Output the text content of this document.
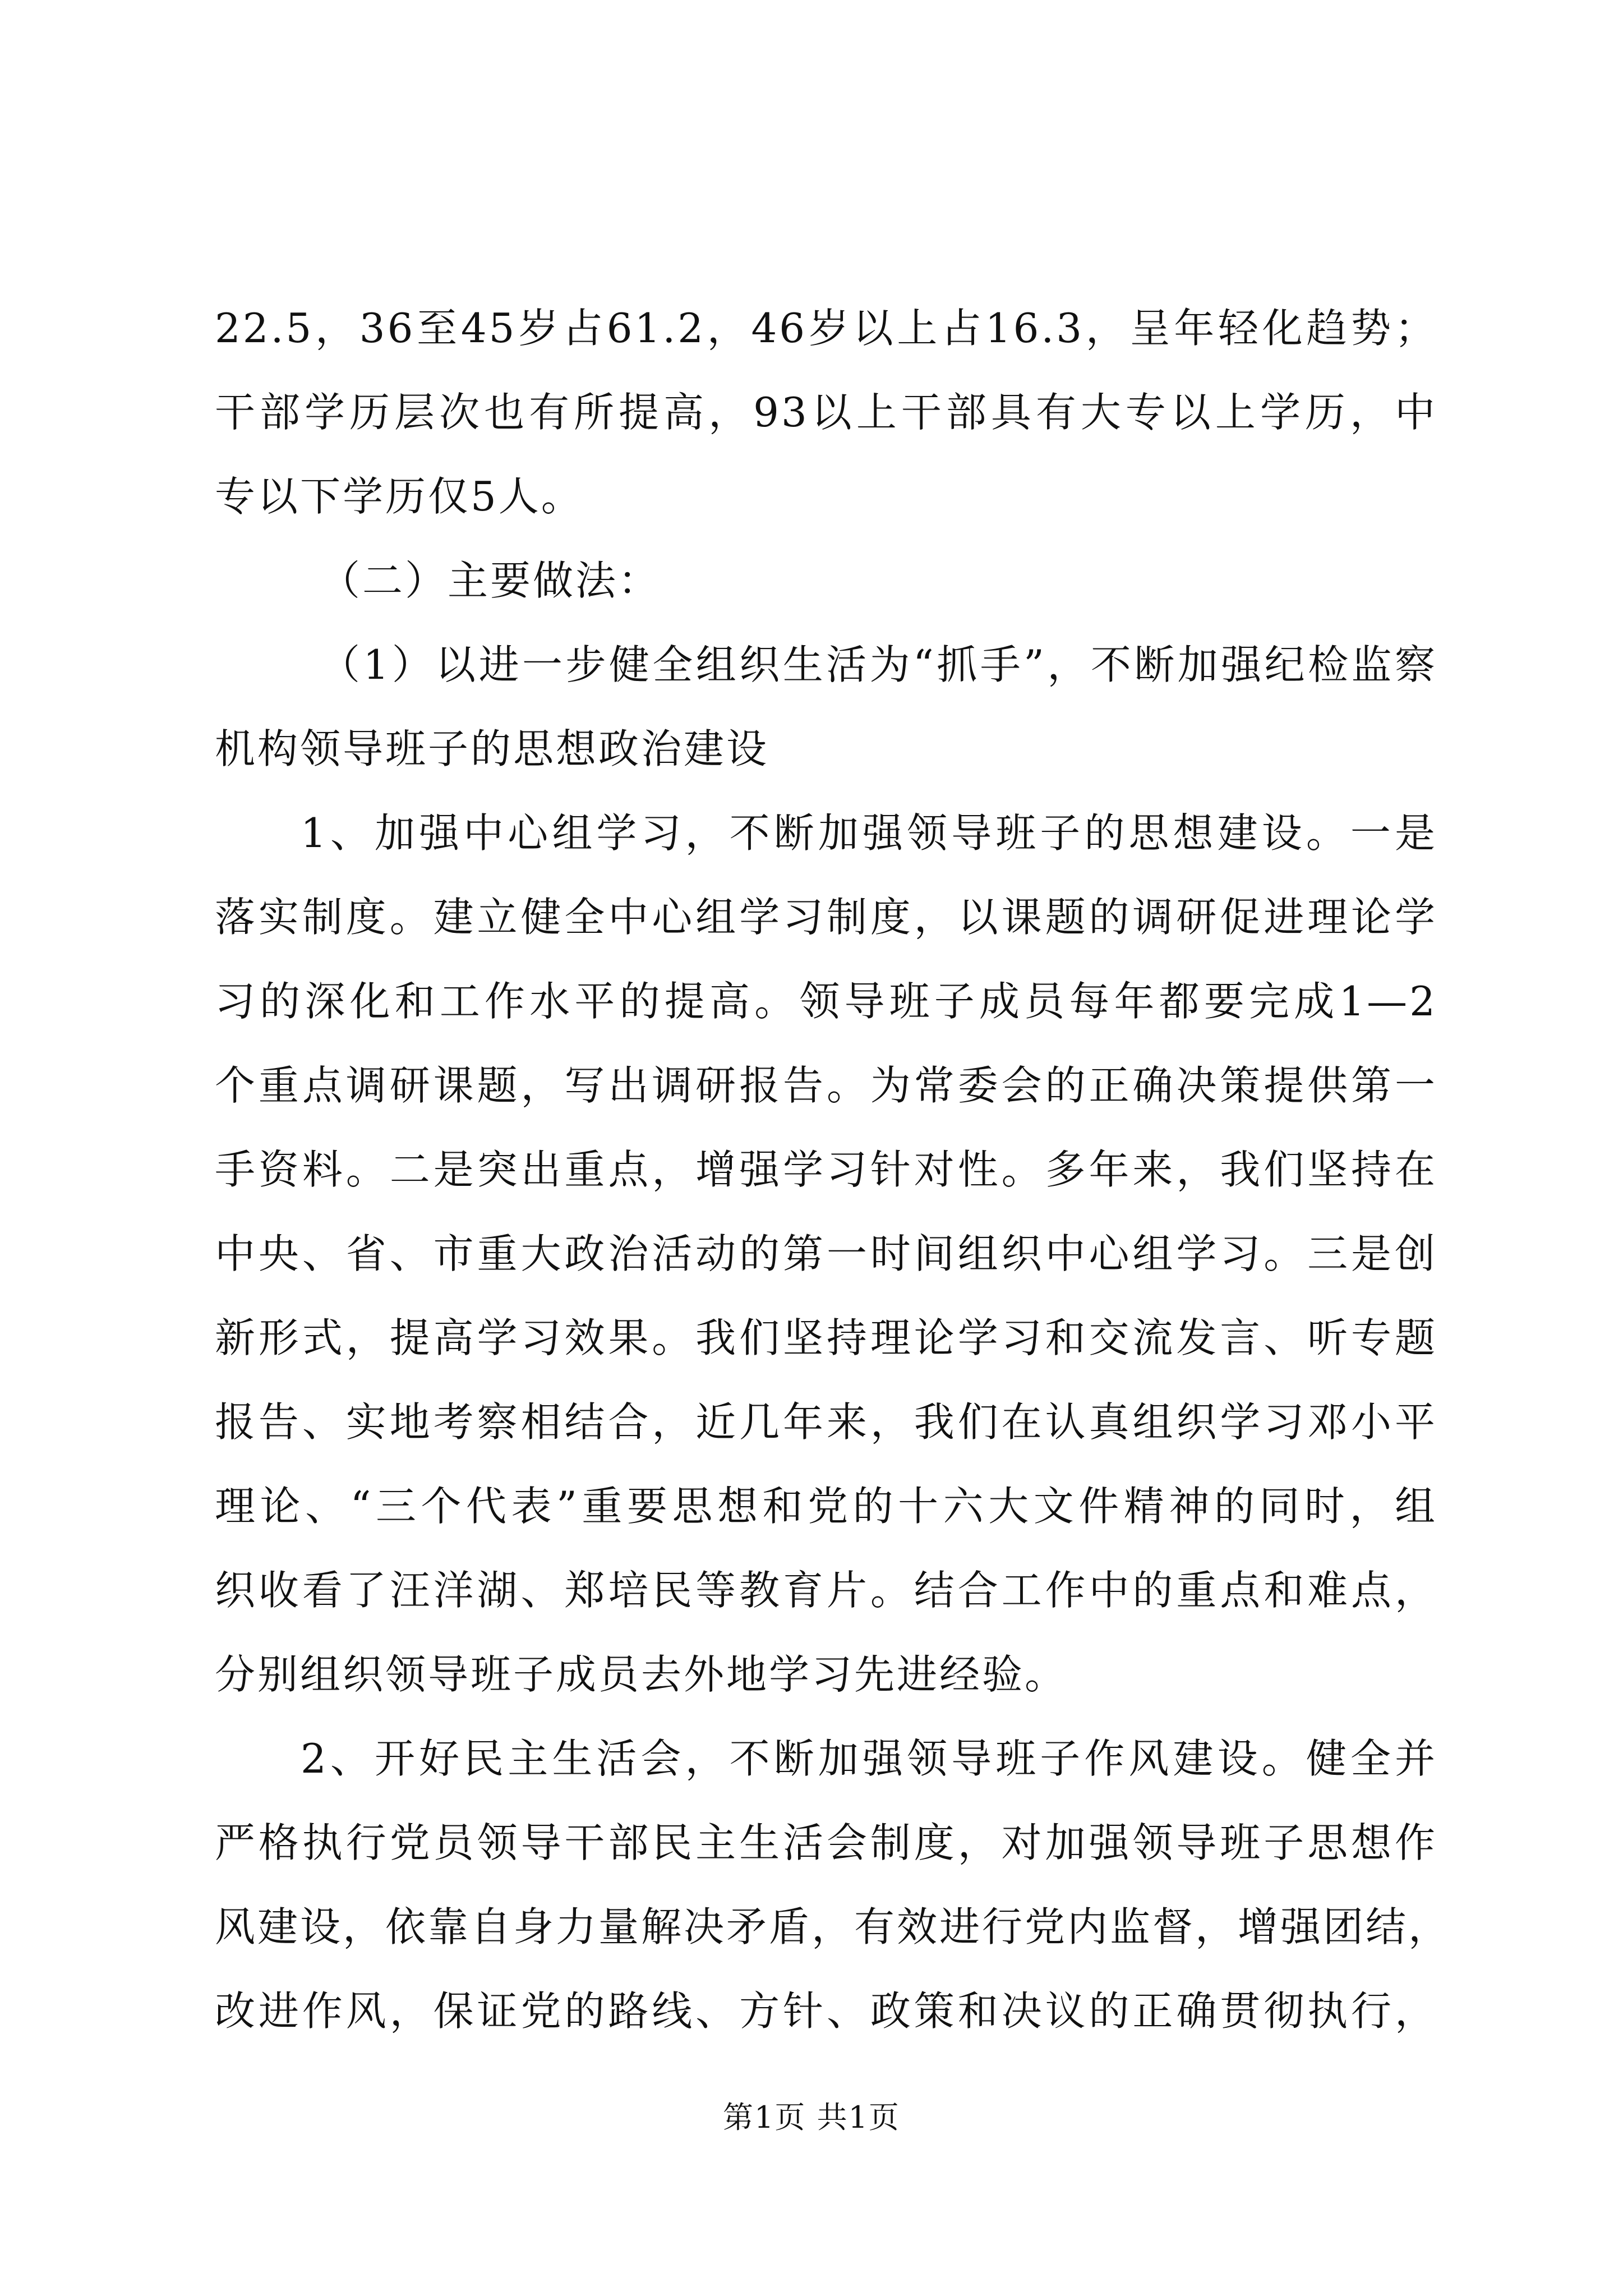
22.5，36至45岁占61.2，46岁以上占16.3，呈年轻化趋势；
干部学历层次也有所提高，93以上干部具有大专以上学历，中
专以下学历仅5人。
（二）主要做法：
（1）以进一步健全组织生活为“抓手”，不断加强纪检监察
机构领导班子的思想政治建设
1、加强中心组学习，不断加强领导班子的思想建设。一是
落实制度。建立健全中心组学习制度，以课题的调研促进理论学
习的深化和工作水平的提高。领导班子成员每年都要完成1—2
个重点调研课题，写出调研报告。为常委会的正确决策提供第一
手资料。二是突出重点，增强学习针对性。多年来，我们坚持在
中央、省、市重大政治活动的第一时间组织中心组学习。三是创
新形式，提高学习效果。我们坚持理论学习和交流发言、听专题
报告、实地考察相结合，近几年来，我们在认真组织学习邓小平
理论、“三个代表”重要思想和党的十六大文件精神的同时，组
织收看了汪洋湖、郑培民等教育片。结合工作中的重点和难点，
分别组织领导班子成员去外地学习先进经验。
2、开好民主生活会，不断加强领导班子作风建设。健全并
严格执行党员领导干部民主生活会制度，对加强领导班子思想作
风建设，依靠自身力量解决矛盾，有效进行党内监督，增强团结，
改进作风，保证党的路线、方针、政策和决议的正确贯彻执行，
第1页 共1页
